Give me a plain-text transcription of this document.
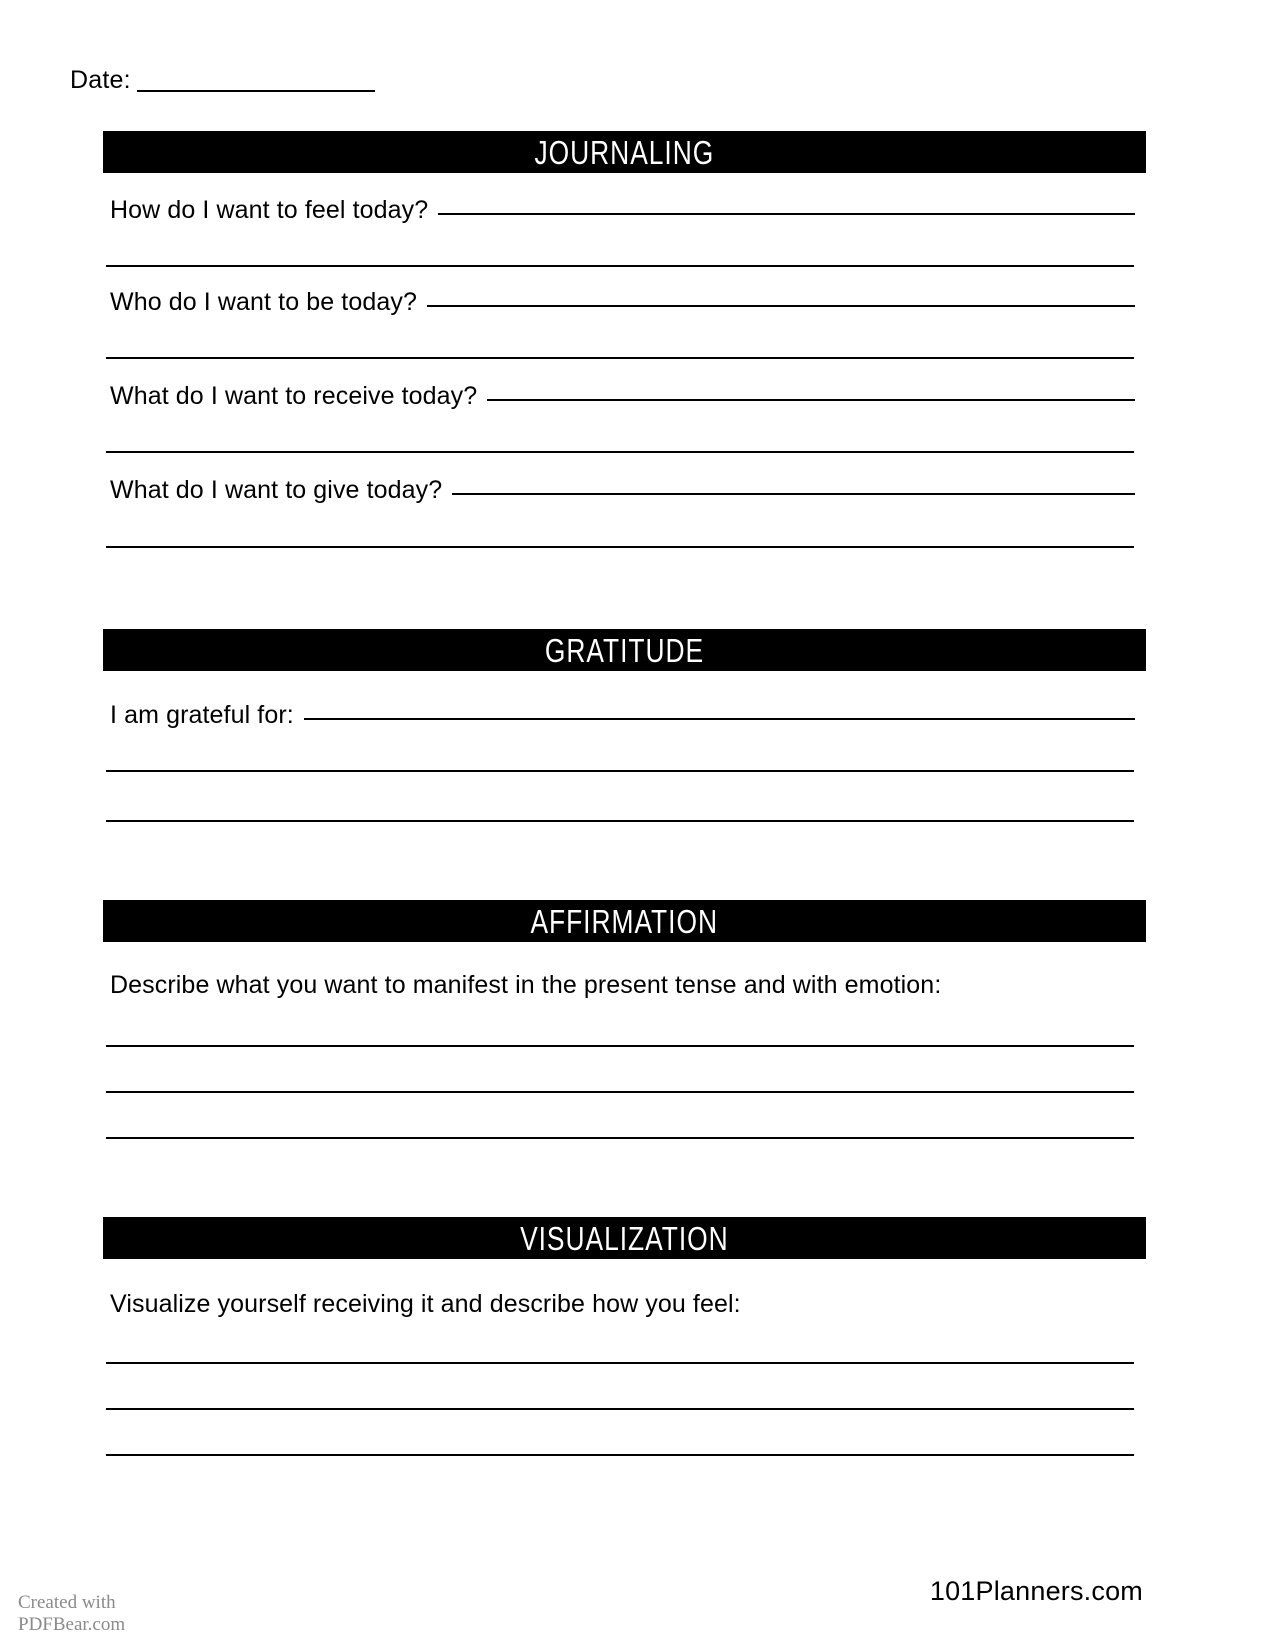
Date:
JOURNALING
How do I want to feel today?
Who do I want to be today?
What do I want to receive today?
What do I want to give today?
GRATITUDE
I am grateful for:
AFFIRMATION
Describe what you want to manifest in the present tense and with emotion:
VISUALIZATION
Visualize yourself receiving it and describe how you feel:
Created with
PDFBear.com
101Planners.com
